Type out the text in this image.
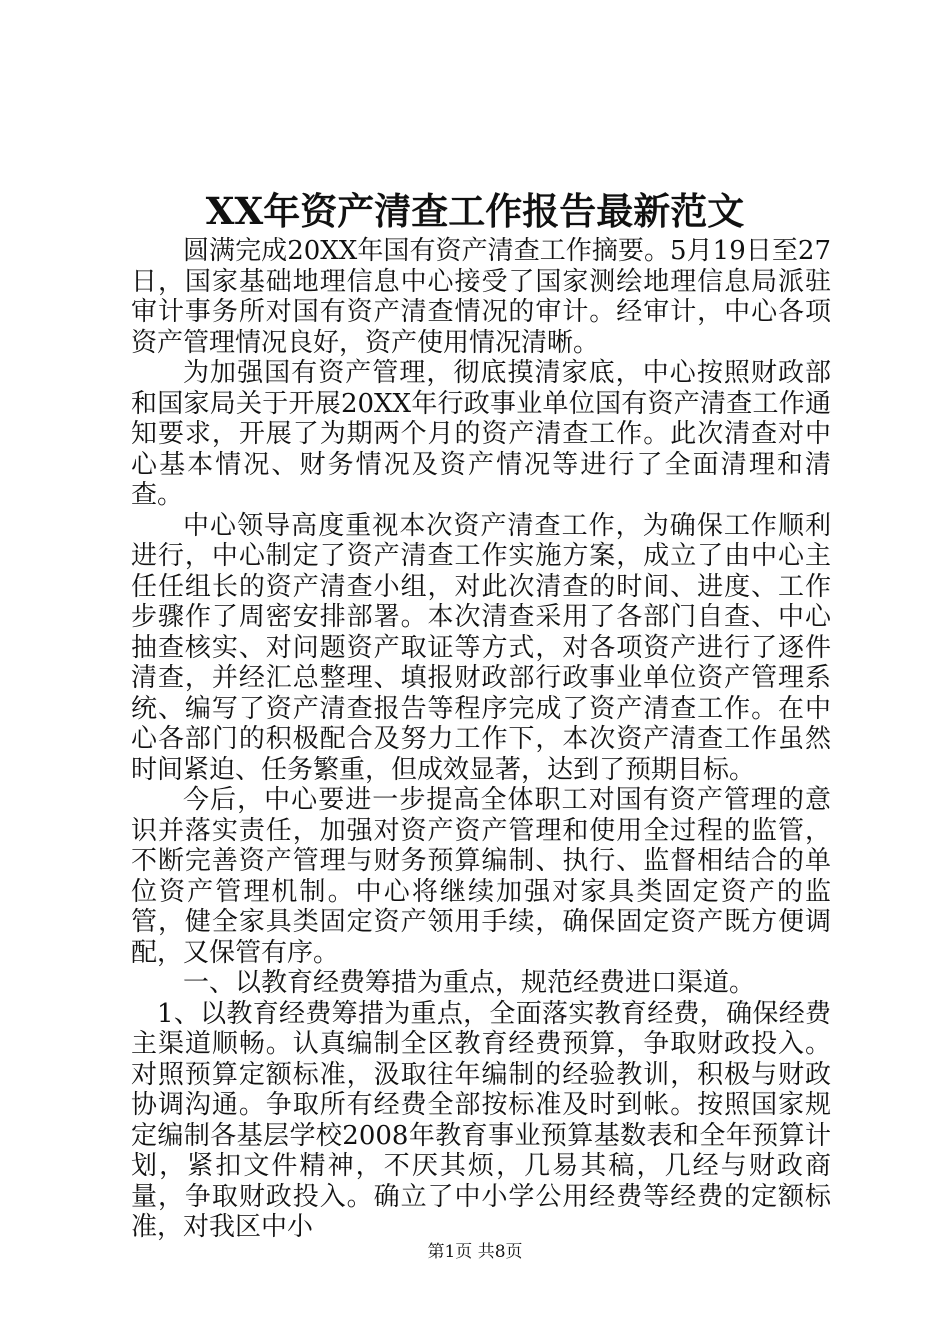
XX年资产清查工作报告最新范文

圆满完成20XX年国有资产清查工作摘要。5月19日至27日，国家基础地理信息中心接受了国家测绘地理信息局派驻审计事务所对国有资产清查情况的审计。经审计，中心各项资产管理情况良好，资产使用情况清晰。

为加强国有资产管理，彻底摸清家底，中心按照财政部和国家局关于开展20XX年行政事业单位国有资产清查工作通知要求，开展了为期两个月的资产清查工作。此次清查对中心基本情况、财务情况及资产情况等进行了全面清理和清查。

中心领导高度重视本次资产清查工作，为确保工作顺利进行，中心制定了资产清查工作实施方案，成立了由中心主任任组长的资产清查小组，对此次清查的时间、进度、工作步骤作了周密安排部署。本次清查采用了各部门自查、中心抽查核实、对问题资产取证等方式，对各项资产进行了逐件清查，并经汇总整理、填报财政部行政事业单位资产管理系统、编写了资产清查报告等程序完成了资产清查工作。在中心各部门的积极配合及努力工作下，本次资产清查工作虽然时间紧迫、任务繁重，但成效显著，达到了预期目标。

今后，中心要进一步提高全体职工对国有资产管理的意识并落实责任，加强对资产资产管理和使用全过程的监管，不断完善资产管理与财务预算编制、执行、监督相结合的单位资产管理机制。中心将继续加强对家具类固定资产的监管，健全家具类固定资产领用手续，确保固定资产既方便调配，又保管有序。

一、以教育经费筹措为重点，规范经费进口渠道。

1、以教育经费筹措为重点，全面落实教育经费，确保经费主渠道顺畅。认真编制全区教育经费预算，争取财政投入。对照预算定额标准，汲取往年编制的经验教训，积极与财政协调沟通。争取所有经费全部按标准及时到帐。按照国家规定编制各基层学校2008年教育事业预算基数表和全年预算计划，紧扣文件精神，不厌其烦，几易其稿，几经与财政商量，争取财政投入。确立了中小学公用经费等经费的定额标准，对我区中小

第1页 共8页
